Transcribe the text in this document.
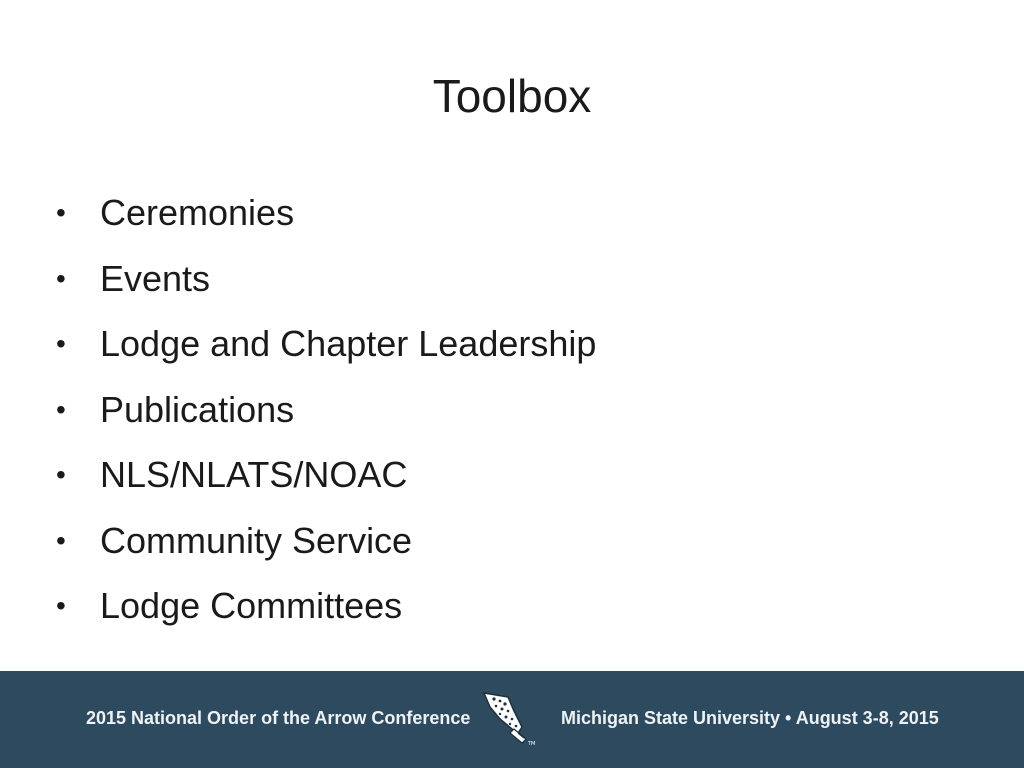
Toolbox
• Ceremonies
• Events
• Lodge and Chapter Leadership
• Publications
• NLS/NLATS/NOAC
• Community Service
• Lodge Committees
2015 National Order of the Arrow Conference
TM
Michigan State University • August 3-8, 2015
